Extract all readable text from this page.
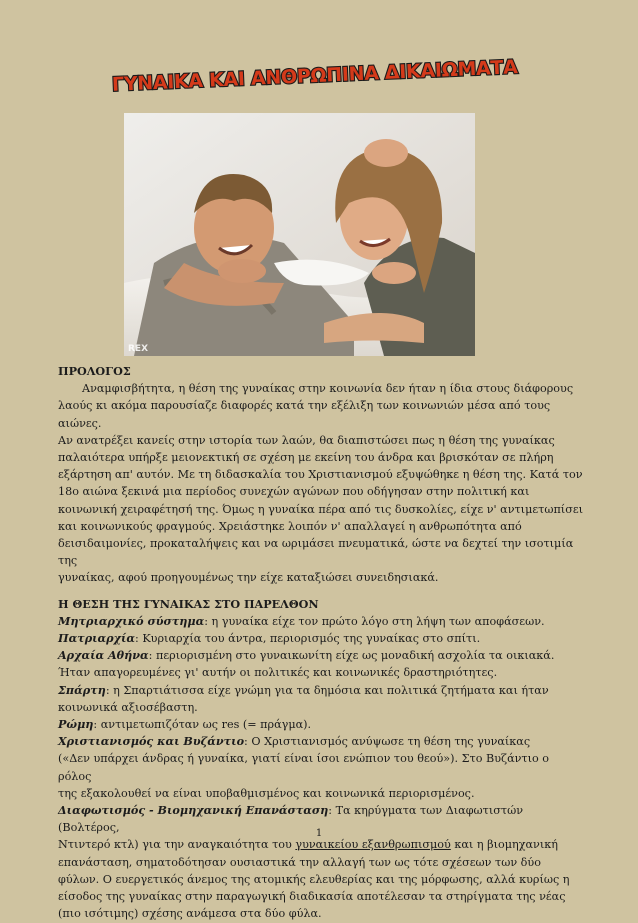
ΓΥΝΑΙΚΑ ΚΑΙ ΑΝΘΡΩΠΙΝΑ ΔΙΚΑΙΩΜΑΤΑ
REX

ΠΡΟΛΟΓΟΣ

Αναμφισβήτητα, η θέση της γυναίκας στην κοινωνία δεν ήταν η ίδια στους διάφορους

λαούς κι ακόμα παρουσίαζε διαφορές κατά την εξέλιξη των κοινωνιών μέσα από τους αιώνες.

Αν ανατρέξει κανείς στην ιστορία των λαών, θα διαπιστώσει πως η θέση της γυναίκας

παλαιότερα υπήρξε μειονεκτική σε σχέση με εκείνη του άνδρα και βρισκόταν σε πλήρη

εξάρτηση απ' αυτόν. Με τη διδασκαλία του Χριστιανισμού εξυψώθηκε η θέση της. Κατά τον

18ο αιώνα ξεκινά μια περίοδος συνεχών αγώνων που οδήγησαν στην πολιτική και

κοινωνική χειραφέτησή της. Όμως η γυναίκα πέρα από τις δυσκολίες, είχε ν' αντιμετωπίσει

και κοινωνικούς φραγμούς. Χρειάστηκε λοιπόν ν' απαλλαγεί η ανθρωπότητα από

δεισιδαιμονίες, προκαταλήψεις και να ωριμάσει πνευματικά, ώστε να δεχτεί την ισοτιμία της

γυναίκας, αφού προηγουμένως την είχε καταξιώσει συνειδησιακά.

Η ΘΕΣΗ ΤΗΣ ΓΥΝΑΙΚΑΣ ΣΤΟ ΠΑΡΕΛΘΟΝ

Μητριαρχικό σύστημα: η γυναίκα είχε τον πρώτο λόγο στη λήψη των αποφάσεων.

Πατριαρχία: Κυριαρχία του άντρα, περιορισμός της γυναίκας στο σπίτι.

Αρχαία Αθήνα: περιορισμένη στο γυναικωνίτη είχε ως μοναδική ασχολία τα οικιακά.

Ήταν απαγορευμένες γι' αυτήν οι πολιτικές και κοινωνικές δραστηριότητες.

Σπάρτη: η Σπαρτιάτισσα είχε γνώμη για τα δημόσια και πολιτικά ζητήματα και ήταν

κοινωνικά αξιοσέβαστη.

Ρώμη: αντιμετωπιζόταν ως res (= πράγμα).

Χριστιανισμός και Βυζάντιο: Ο Χριστιανισμός ανύψωσε τη θέση της γυναίκας

(«Δεν υπάρχει άνδρας ή γυναίκα, γιατί είναι ίσοι ενώπιον του θεού»). Στο Βυζάντιο ο ρόλος

της εξακολουθεί να είναι υποβαθμισμένος και κοινωνικά περιορισμένος.

Διαφωτισμός - Βιομηχανική Επανάσταση: Τα κηρύγματα των Διαφωτιστών (Βολτέρος,

Ντιντερό κτλ) για την αναγκαιότητα του γυναικείου εξανθρωπισμού και η βιομηχανική

επανάσταση, σηματοδότησαν ουσιαστικά την αλλαγή των ως τότε σχέσεων των δύο

φύλων. Ο ευεργετικός άνεμος της ατομικής ελευθερίας και της μόρφωσης, αλλά κυρίως η

είσοδος της γυναίκας στην παραγωγική διαδικασία αποτέλεσαν τα στηρίγματα της νέας

(πιο ισότιμης) σχέσης ανάμεσα στα δύο φύλα.

1
